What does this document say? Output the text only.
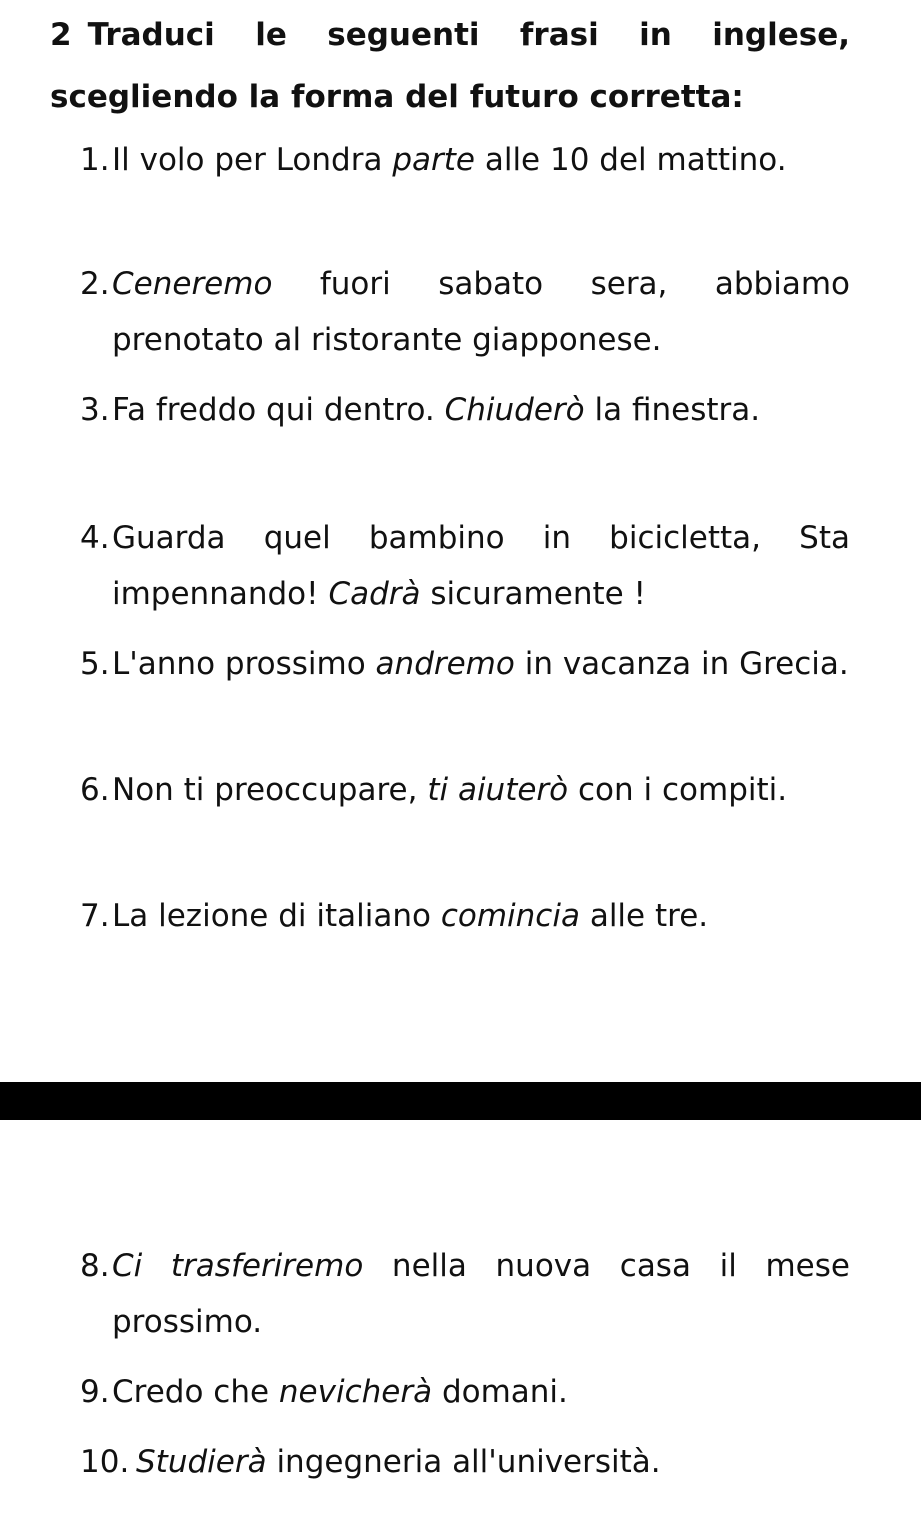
2 Traduci le seguenti frasi in inglese, scegliendo la forma del futuro corretta:

1. Il volo per Londra parte alle 10 del mattino.

2. Ceneremo fuori sabato sera, abbiamo prenotato al ristorante giapponese.

3. Fa freddo qui dentro. Chiuderò la finestra.

4. Guarda quel bambino in bicicletta, Sta impennando! Cadrà sicuramente !

5. L'anno prossimo andremo in vacanza in Grecia.

6. Non ti preoccupare, ti aiuterò con i compiti.

7. La lezione di italiano comincia alle tre.

8. Ci trasferiremo nella nuova casa il mese prossimo.

9. Credo che nevicherà domani.

10. Studierà ingegneria all'università.
